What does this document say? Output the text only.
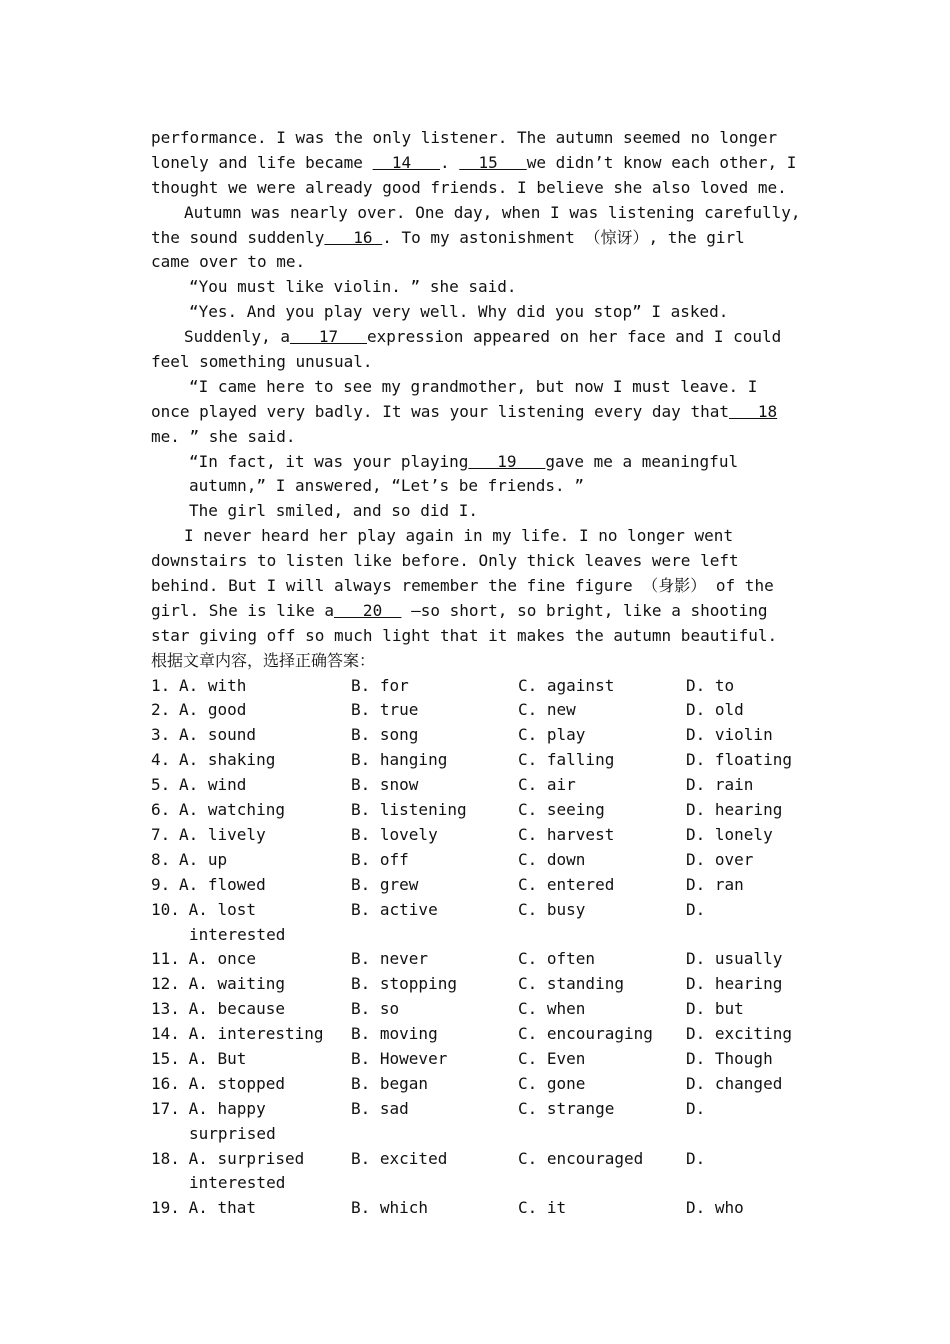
performance. I was the only listener. The autumn seemed no longer
lonely and life became   14   .   15   we didn’t know each other, I
thought we were already good friends. I believe she also loved me.
Autumn was nearly over. One day, when I was listening carefully,
the sound suddenly   16 . To my astonishment （惊讶）, the girl
came over to me.
“You must like violin. ” she said.
“Yes. And you play very well. Why did you stop” I asked.
Suddenly, a   17   expression appeared on her face and I could
feel something unusual.
“I came here to see my grandmother, but now I must leave. I
once played very badly. It was your listening every day that   18
me. ” she said.
“In fact, it was your playing   19   gave me a meaningful
autumn,” I answered, “Let’s be friends. ”
The girl smiled, and so did I.
I never heard her play again in my life. I no longer went
downstairs to listen like before. Only thick leaves were left
behind. But I will always remember the fine figure （身影） of the
girl. She is like a   20   —so short, so bright, like a shooting
star giving off so much light that it makes the autumn beautiful.
根据文章内容，选择正确答案：
1. A. with	B. for	C. against	D. to
2. A. good	B. true	C. new	D. old
3. A. sound	B. song	C. play	D. violin
4. A. shaking	B. hanging	C. falling	D. floating
5. A. wind	B. snow	C. air	D. rain
6. A. watching	B. listening	C. seeing	D. hearing
7. A. lively	B. lovely	C. harvest	D. lonely
8. A. up	B. off	C. down	D. over
9. A. flowed	B. grew	C. entered	D. ran
10. A. lost	B. active	C. busy	D.
interested
11. A. once	B. never	C. often	D. usually
12. A. waiting	B. stopping	C. standing	D. hearing
13. A. because	B. so	C. when	D. but
14. A. interesting B. moving	C. encouraging D. exciting
15. A. But	B. However	C. Even	D. Though
16. A. stopped	B. began	C. gone	D. changed
17. A. happy	B. sad	C. strange	D.
surprised
18. A. surprised	B. excited	C. encouraged	D.
interested
19. A. that	B. which	C. it	D. who
